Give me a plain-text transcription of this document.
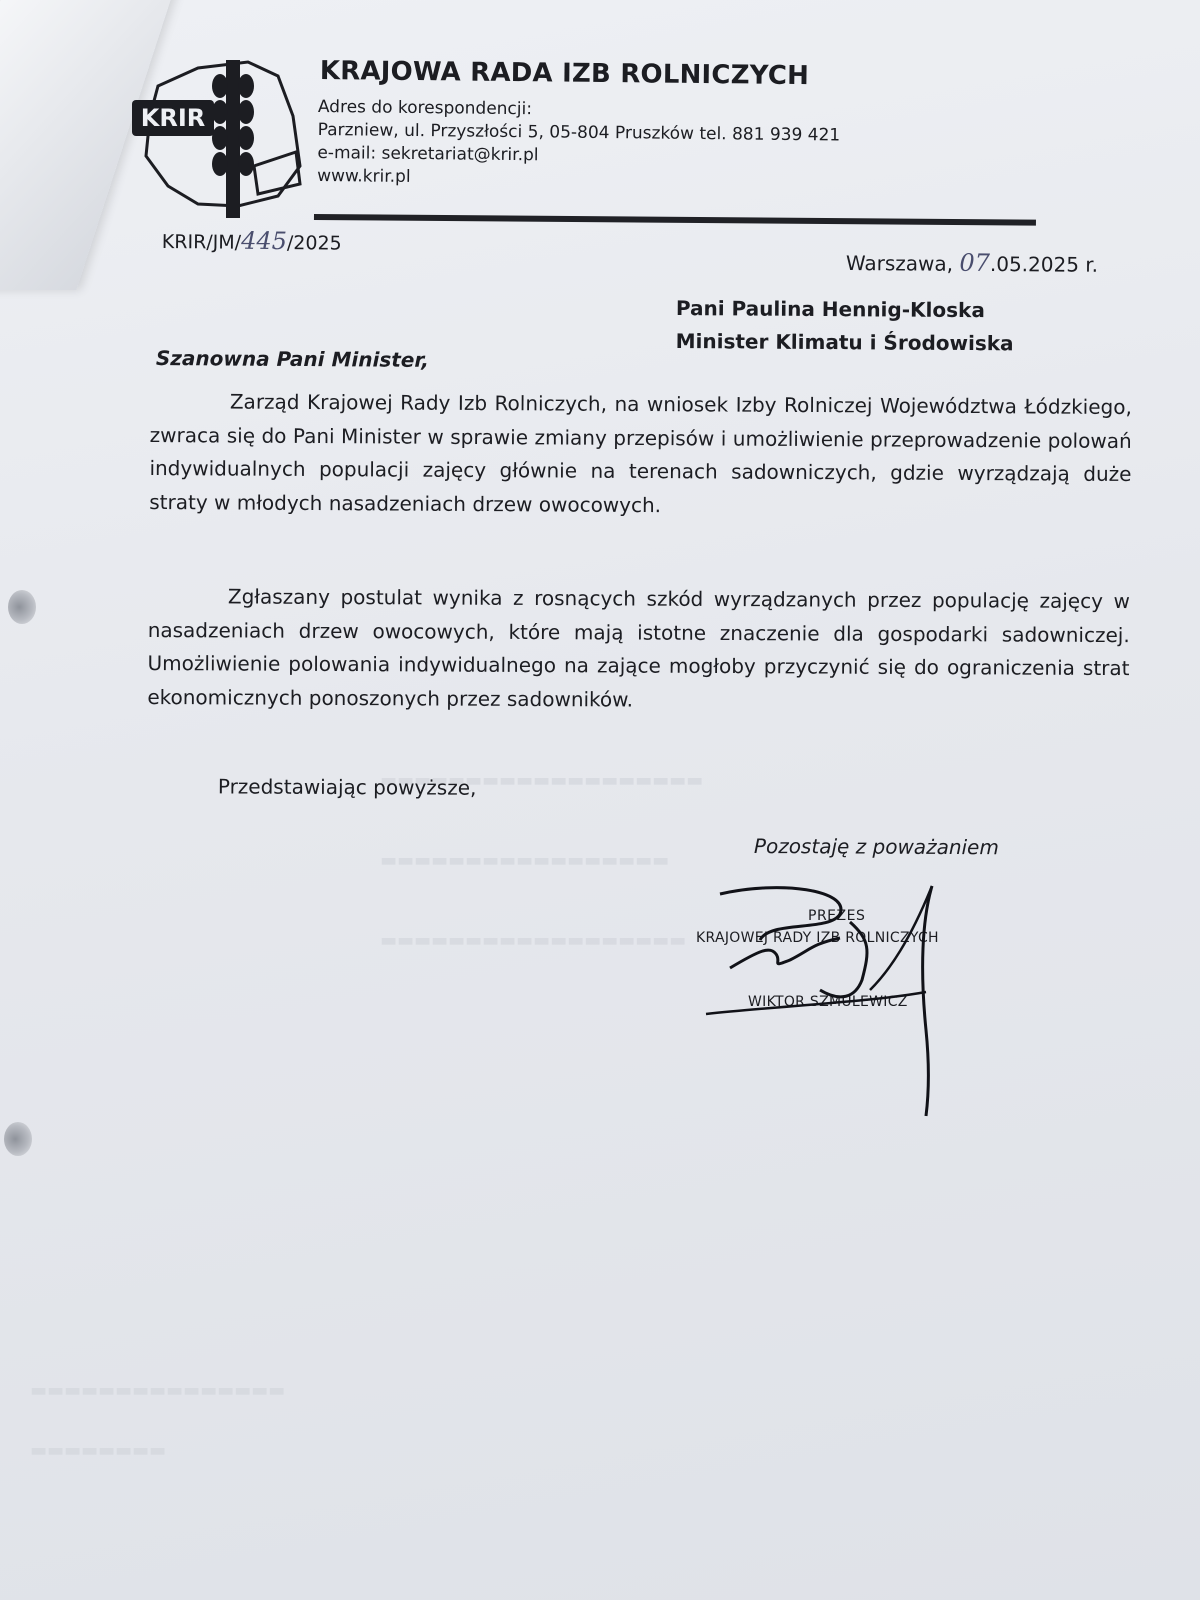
▬▬▬▬▬▬▬▬▬▬▬▬▬▬▬▬▬▬▬
▬▬▬▬▬▬▬▬▬▬▬▬▬▬▬▬▬
▬▬▬▬▬▬▬▬▬▬▬▬▬▬▬▬▬▬
▬▬▬▬▬▬▬▬▬▬▬▬▬▬▬
▬▬▬▬▬▬▬▬
KRIR
KRAJOWA RADA IZB ROLNICZYCH
Adres do korespondencji:
Parzniew, ul. Przyszłości 5, 05-804 Pruszków tel. 881 939 421
e-mail: sekretariat@krir.pl
www.krir.pl
KRIR/JM/445/2025
Warszawa, 07.05.2025 r.
Pani Paulina Hennig-Kloska
Minister Klimatu i Środowiska
Szanowna Pani Minister,
Zarząd Krajowej Rady Izb Rolniczych, na wniosek Izby Rolniczej Województwa Łódzkiego, zwraca się do Pani Minister w sprawie zmiany przepisów i umożliwienie przeprowadzenie polowań indywidualnych populacji zajęcy głównie na terenach sadowniczych, gdzie wyrządzają duże straty w młodych nasadzeniach drzew owocowych.
Zgłaszany postulat wynika z rosnących szkód wyrządzanych przez populację zajęcy w nasadzeniach drzew owocowych, które mają istotne znaczenie dla gospodarki sadowniczej. Umożliwienie polowania indywidualnego na zające mogłoby przyczynić się do ograniczenia strat ekonomicznych ponoszonych przez sadowników.
Przedstawiając powyższe,
Pozostaję z poważaniem
PREZES
KRAJOWEJ RADY IZB ROLNICZYCH
WIKTOR SZMULEWICZ
